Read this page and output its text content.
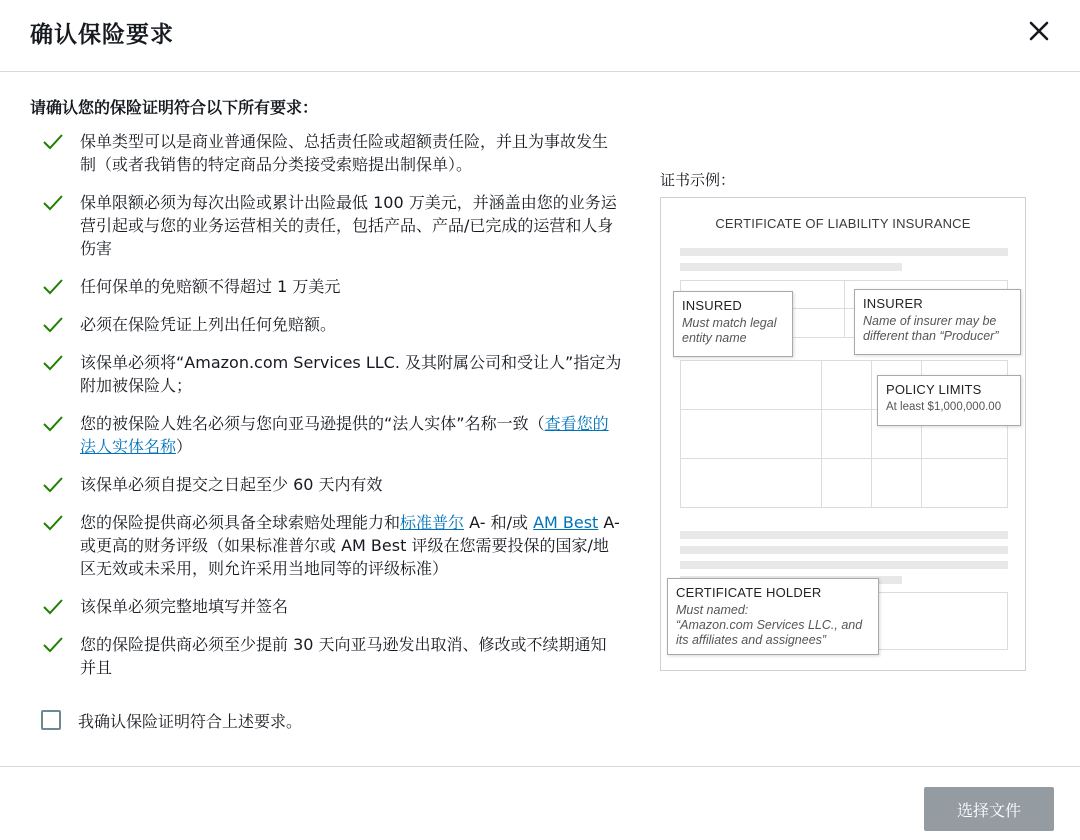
确认保险要求
请确认您的保险证明符合以下所有要求：
保单类型可以是商业普通保险、总括责任险或超额责任险，并且为事故发生制（或者我销售的特定商品分类接受索赔提出制保单）。
保单限额必须为每次出险或累计出险最低 100 万美元，并涵盖由您的业务运营引起或与您的业务运营相关的责任，包括产品、产品/已完成的运营和人身伤害
任何保单的免赔额不得超过 1 万美元
必须在保险凭证上列出任何免赔额。
该保单必须将“Amazon.com Services LLC. 及其附属公司和受让人”指定为附加被保险人；
您的被保险人姓名必须与您向亚马逊提供的“法人实体”名称一致（查看您的法人实体名称）
该保单必须自提交之日起至少 60 天内有效
您的保险提供商必须具备全球索赔处理能力和标准普尔 A- 和/或 AM Best A- 或更高的财务评级（如果标准普尔或 AM Best 评级在您需要投保的国家/地区无效或未采用，则允许采用当地同等的评级标准）
该保单必须完整地填写并签名
您的保险提供商必须至少提前 30 天向亚马逊发出取消、修改或不续期通知并且
我确认保险证明符合上述要求。
证书示例：
CERTIFICATE OF LIABILITY INSURANCE
INSURED
Must match legal entity name
INSURER
Name of insurer may be different than “Producer”
POLICY LIMITS
At least $1,000,000.00
CERTIFICATE HOLDER
Must named:
“Amazon.com Services LLC., and
its affiliates and assignees”
选择文件
